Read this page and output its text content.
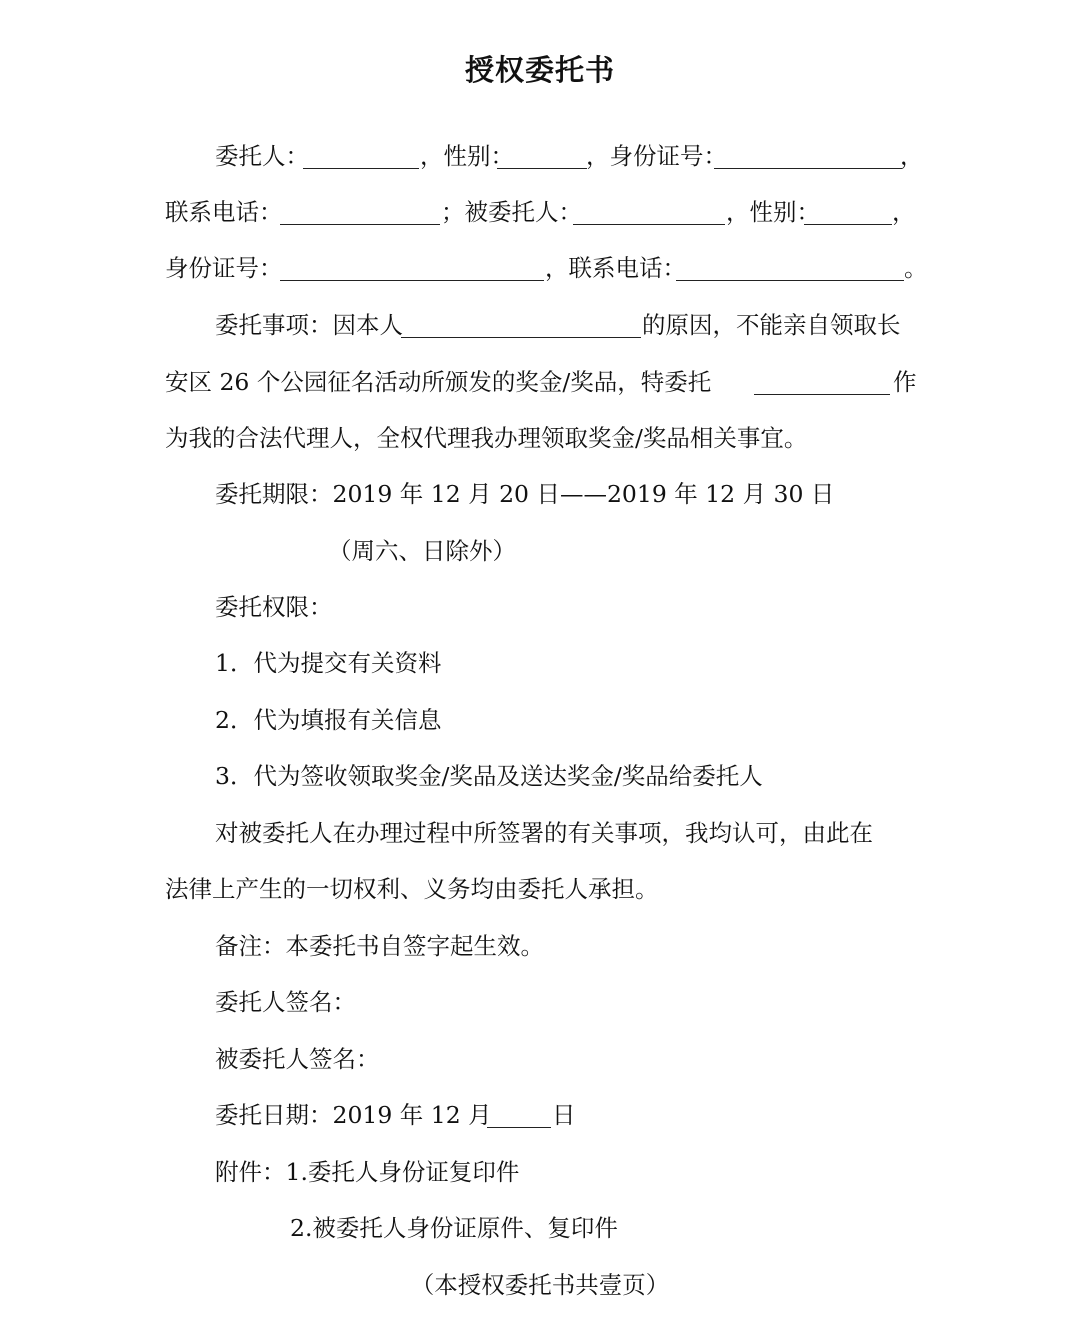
授权委托书
委托人：	，性别：	，身份证号：	，
联系电话：	；被委托人：	，性别：	，
身份证号：	，联系电话：	。
委托事项：因本人	的原因，不能亲自领取长
安区 26 个公园征名活动所颁发的奖金/奖品，特委托	作
为我的合法代理人，全权代理我办理领取奖金/奖品相关事宜。
委托期限：2019 年 12 月 20 日——2019 年 12 月 30 日
（周六、日除外）
委托权限：
1．代为提交有关资料
2．代为填报有关信息
3．代为签收领取奖金/奖品及送达奖金/奖品给委托人
对被委托人在办理过程中所签署的有关事项，我均认可，由此在
法律上产生的一切权利、义务均由委托人承担。
备注：本委托书自签字起生效。
委托人签名：
被委托人签名：
委托日期：2019 年 12 月	日
附件：1.委托人身份证复印件
2.被委托人身份证原件、复印件
（本授权委托书共壹页）
